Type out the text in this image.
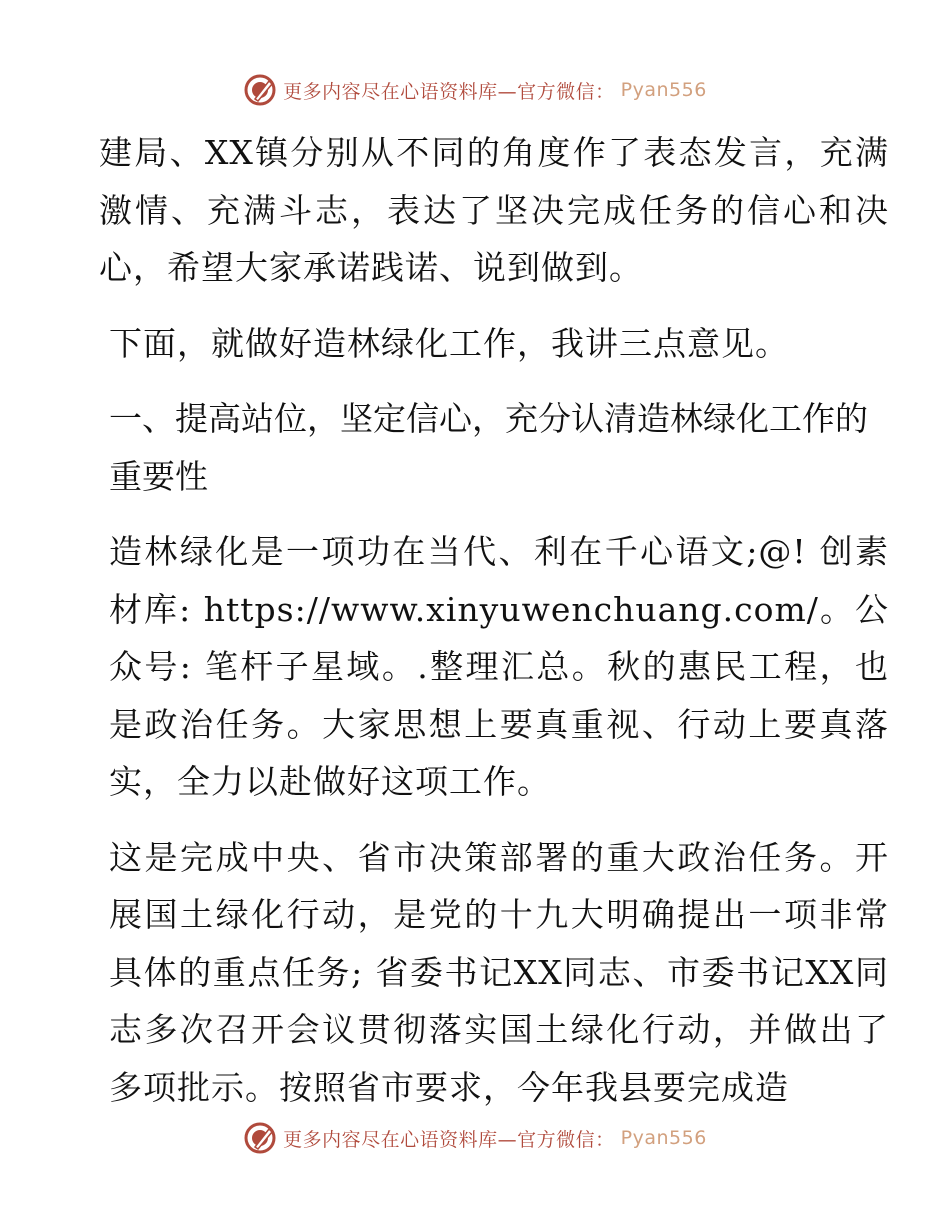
更多内容尽在心语资料库—官方微信： Pyan556

建局、XX镇分别从不同的角度作了表态发言，充满激情、充满斗志，表达了坚决完成任务的信心和决心，希望大家承诺践诺、说到做到。

下面，就做好造林绿化工作，我讲三点意见。

一、提高站位，坚定信心，充分认清造林绿化工作的重要性

造林绿化是一项功在当代、利在千心语文;@! 创素材库: https://www.xinyuwenchuang.com/。公众号: 笔杆子星域。.整理汇总。秋的惠民工程，也是政治任务。大家思想上要真重视、行动上要真落实，全力以赴做好这项工作。

这是完成中央、省市决策部署的重大政治任务。开展国土绿化行动，是党的十九大明确提出一项非常具体的重点任务; 省委书记XX同志、市委书记XX同志多次召开会议贯彻落实国土绿化行动，并做出了多项批示。按照省市要求，今年我县要完成造

更多内容尽在心语资料库—官方微信： Pyan556
